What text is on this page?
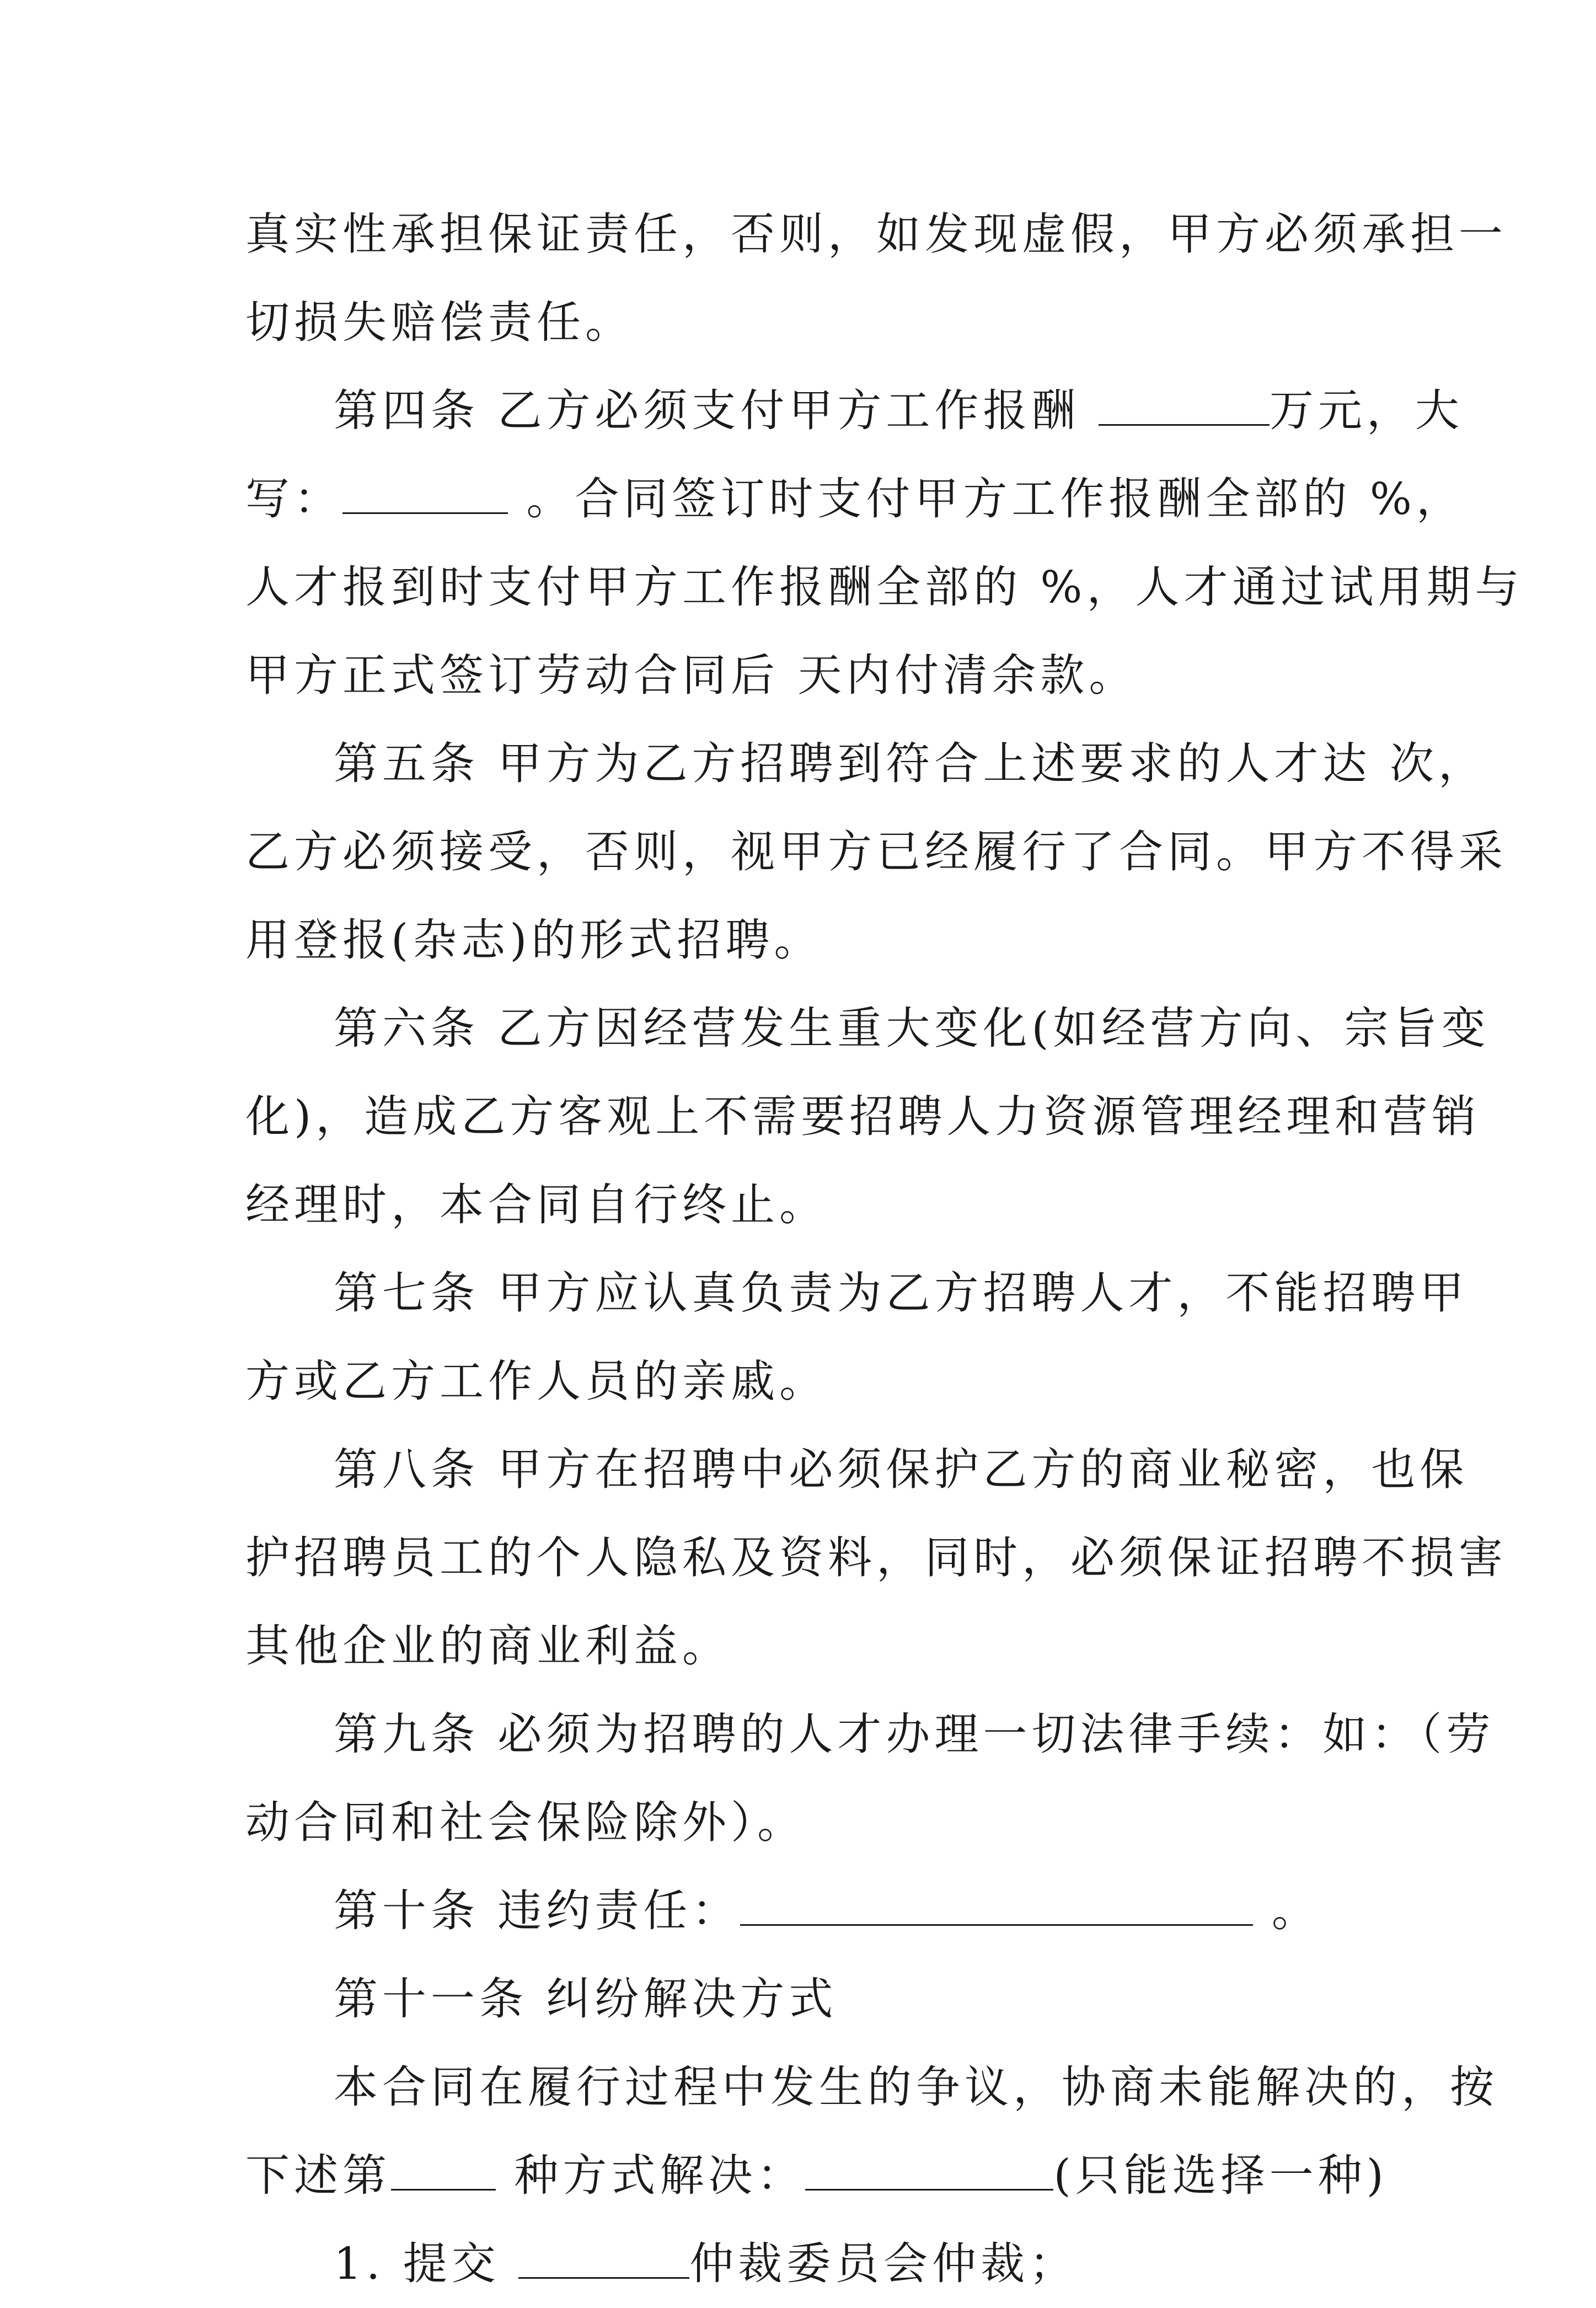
真实性承担保证责任，否则，如发现虚假，甲方必须承担一
切损失赔偿责任。
第四条 乙方必须支付甲方工作报酬	万元，大
写：	。合同签订时支付甲方工作报酬全部的 %，
人才报到时支付甲方工作报酬全部的 %，人才通过试用期与
甲方正式签订劳动合同后 天内付清余款。
第五条 甲方为乙方招聘到符合上述要求的人才达 次，
乙方必须接受，否则，视甲方已经履行了合同。甲方不得采
用登报(杂志)的形式招聘。
第六条 乙方因经营发生重大变化(如经营方向、宗旨变
化)，造成乙方客观上不需要招聘人力资源管理经理和营销
经理时，本合同自行终止。
第七条 甲方应认真负责为乙方招聘人才，不能招聘甲
方或乙方工作人员的亲戚。
第八条 甲方在招聘中必须保护乙方的商业秘密，也保
护招聘员工的个人隐私及资料，同时，必须保证招聘不损害
其他企业的商业利益。
第九条 必须为招聘的人才办理一切法律手续：如：（劳
动合同和社会保险除外）。
第十条 违约责任：	。
第十一条 纠纷解决方式
本合同在履行过程中发生的争议，协商未能解决的，按
下述第 种方式解决：	(只能选择一种)
1. 提交	仲裁委员会仲裁；
